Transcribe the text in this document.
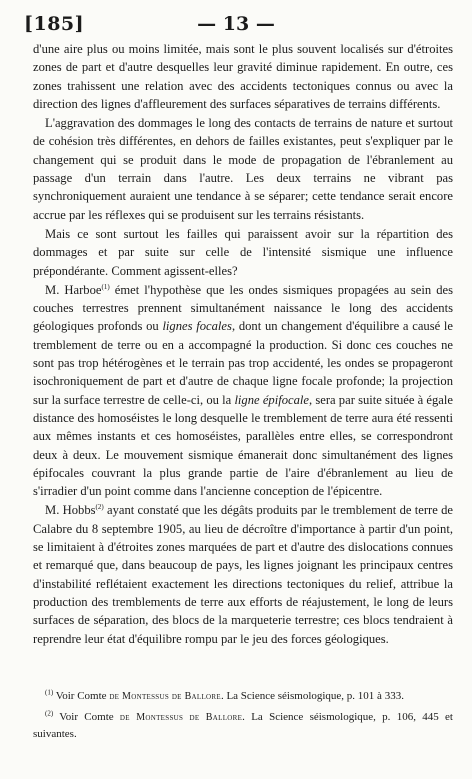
[185]	— 13 —

d'une aire plus ou moins limitée, mais sont le plus souvent localisés sur d'étroites zones de part et d'autre desquelles leur gravité diminue rapidement. En outre, ces zones trahissent une relation avec des accidents tectoniques connus ou avec la direction des lignes d'affleurement des surfaces séparatives de terrains différents.

L'aggravation des dommages le long des contacts de terrains de nature et surtout de cohésion très différentes, en dehors de failles existantes, peut s'expliquer par le changement qui se produit dans le mode de propagation de l'ébranlement au passage d'un terrain dans l'autre. Les deux terrains ne vibrant pas synchroniquement auraient une tendance à se séparer; cette tendance serait encore accrue par les réflexes qui se produisent sur les terrains résistants.

Mais ce sont surtout les failles qui paraissent avoir sur la répartition des dommages et par suite sur celle de l'intensité sismique une influence prépondérante. Comment agissent-elles?

M. Harboe$^{(1)}$ émet l'hypothèse que les ondes sismiques propagées au sein des couches terrestres prennent simultanément naissance le long des accidents géologiques profonds ou lignes focales, dont un changement d'équilibre a causé le tremblement de terre ou en a accompagné la production. Si donc ces couches ne sont pas trop hétérogènes et le terrain pas trop accidenté, les ondes se propageront isochroniquement de part et d'autre de chaque ligne focale profonde; la projection sur la surface terrestre de celle-ci, ou la ligne épifocale, sera par suite située à égale distance des homoséistes le long desquelle le tremblement de terre aura été ressenti aux mêmes instants et ces homoséistes, parallèles entre elles, se correspondront deux à deux. Le mouvement sismique émanerait donc simultanément des lignes épifocales couvrant la plus grande partie de l'aire d'ébranlement au lieu de s'irradier d'un point comme dans l'ancienne conception de l'épicentre.

M. Hobbs$^{(2)}$ ayant constaté que les dégâts produits par le tremblement de terre de Calabre du 8 septembre 1905, au lieu de décroître d'importance à partir d'un point, se limitaient à d'étroites zones marquées de part et d'autre des dislocations connues et remarqué que, dans beaucoup de pays, les lignes joignant les principaux centres d'instabilité reflétaient exactement les directions tectoniques du relief, attribue la production des tremblements de terre aux efforts de réajustement, le long de leurs surfaces de séparation, des blocs de la marqueterie terrestre; ces blocs tendraient à reprendre leur état d'équilibre rompu par le jeu des forces géologiques.

$^{(1)}$ Voir Comte de Montessus de Ballore. La Science séismologique, p. 101 à 333.

$^{(2)}$ Voir Comte de Montessus de Ballore. La Science séismologique, p. 106, 445 et suivantes.
